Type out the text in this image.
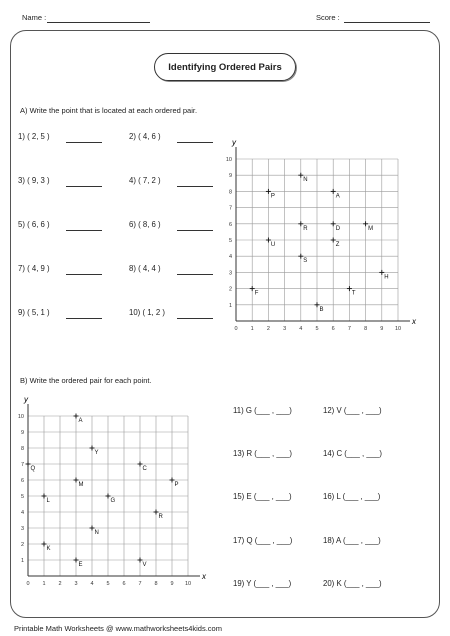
Name :	Score :
Identifying Ordered Pairs
A) Write the point that is located at each ordered pair.
1) ( 2, 5 )	2) ( 4, 6 )
3) ( 9, 3 )	4) ( 7, 2 )
5) ( 6, 6 )	6) ( 8, 6 )
7) ( 4, 9 )	8) ( 4, 4 )
9) ( 5, 1 )	10) ( 1, 2 )
x
y
0 1 2 3 4 5 6 7 8 9 10
1
2
3
4
5
6
7
8
9
10
N
A
P
R	D	M
U	Z
S
H
T
F
B
B) Write the ordered pair for each point.
x
y
0 1 2 3 4 5 6 7 8 9 10
1
2
3
4
5
6
7
8
9
10
A
Y
C
Q
M	P
L	G
R
N
K
E	V
11) G (___ , ___)	12) V (___ , ___)
13) R (___ , ___)	14) C (___ , ___)
15) E (___ , ___)	16) L (___ , ___)
17) Q (___ , ___)	18) A (___ , ___)
19) Y (___ , ___)	20) K (___ , ___)
Printable Math Worksheets @ www.mathworksheets4kids.com
